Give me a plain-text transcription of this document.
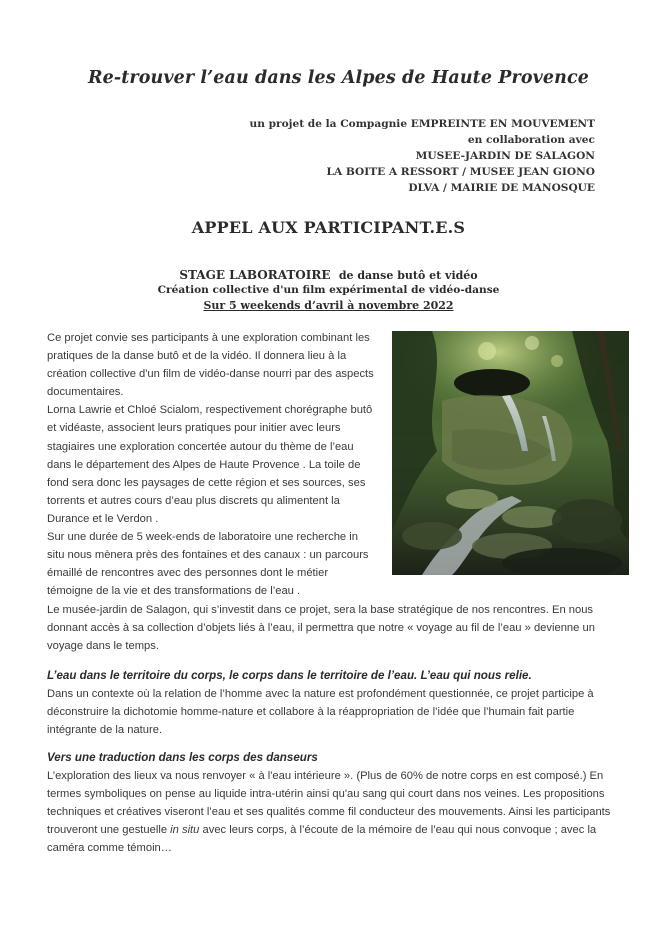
Re-trouver l’eau dans les Alpes de Haute Provence
un projet de la Compagnie EMPREINTE EN MOUVEMENT
en collaboration avec
MUSEE-JARDIN DE SALAGON
LA BOITE A RESSORT / MUSEE JEAN GIONO
DLVA / MAIRIE DE MANOSQUE
APPEL AUX PARTICIPANT.E.S
STAGE LABORATOIRE de danse butô et vidéo
Création collective d'un film expérimental de vidéo-danse
Sur 5 weekends d’avril à novembre 2022

Ce projet convie ses participants à une exploration combinant les pratiques de la danse butô et de la vidéo. Il donnera lieu à la création collective d'un film de vidéo-danse nourri par des aspects documentaires.

Lorna Lawrie et Chloé Scialom, respectivement chorégraphe butô et vidéaste, associent leurs pratiques pour initier avec leurs stagiaires une exploration concertée autour du thème de l’eau dans le département des Alpes de Haute Provence . La toile de fond sera donc les paysages de cette région et ses sources, ses torrents et autres cours d’eau plus discrets qu alimentent la Durance et le Verdon .

Sur une durée de 5 week-ends de laboratoire une recherche in situ nous mènera près des fontaines et des canaux : un parcours émaillé de rencontres avec des personnes dont le métier témoigne de la vie et des transformations de l’eau .

Le musée-jardin de Salagon, qui s’investit dans ce projet, sera la base stratégique de nos rencontres. En nous donnant accès à sa collection d’objets liés à l’eau, il permettra que notre « voyage au fil de l’eau » devienne un voyage dans le temps.

L’eau dans le territoire du corps, le corps dans le territoire de l’eau. L’eau qui nous relie.

Dans un contexte où la relation de l’homme avec la nature est profondément questionnée, ce projet participe à déconstruire la dichotomie homme-nature et collabore à la réappropriation de l’idée que l’humain fait partie intégrante de la nature.

Vers une traduction dans les corps des danseurs

L’exploration des lieux va nous renvoyer « à l'eau intérieure ». (Plus de 60% de notre corps en est composé.) En termes symboliques on pense au liquide intra-utérin ainsi qu'au sang qui court dans nos veines. Les propositions techniques et créatives viseront l’eau et ses qualités comme fil conducteur des mouvements. Ainsi les participants trouveront une gestuelle in situ avec leurs corps, à l’écoute de la mémoire de l’eau qui nous convoque ; avec la caméra comme témoin…
